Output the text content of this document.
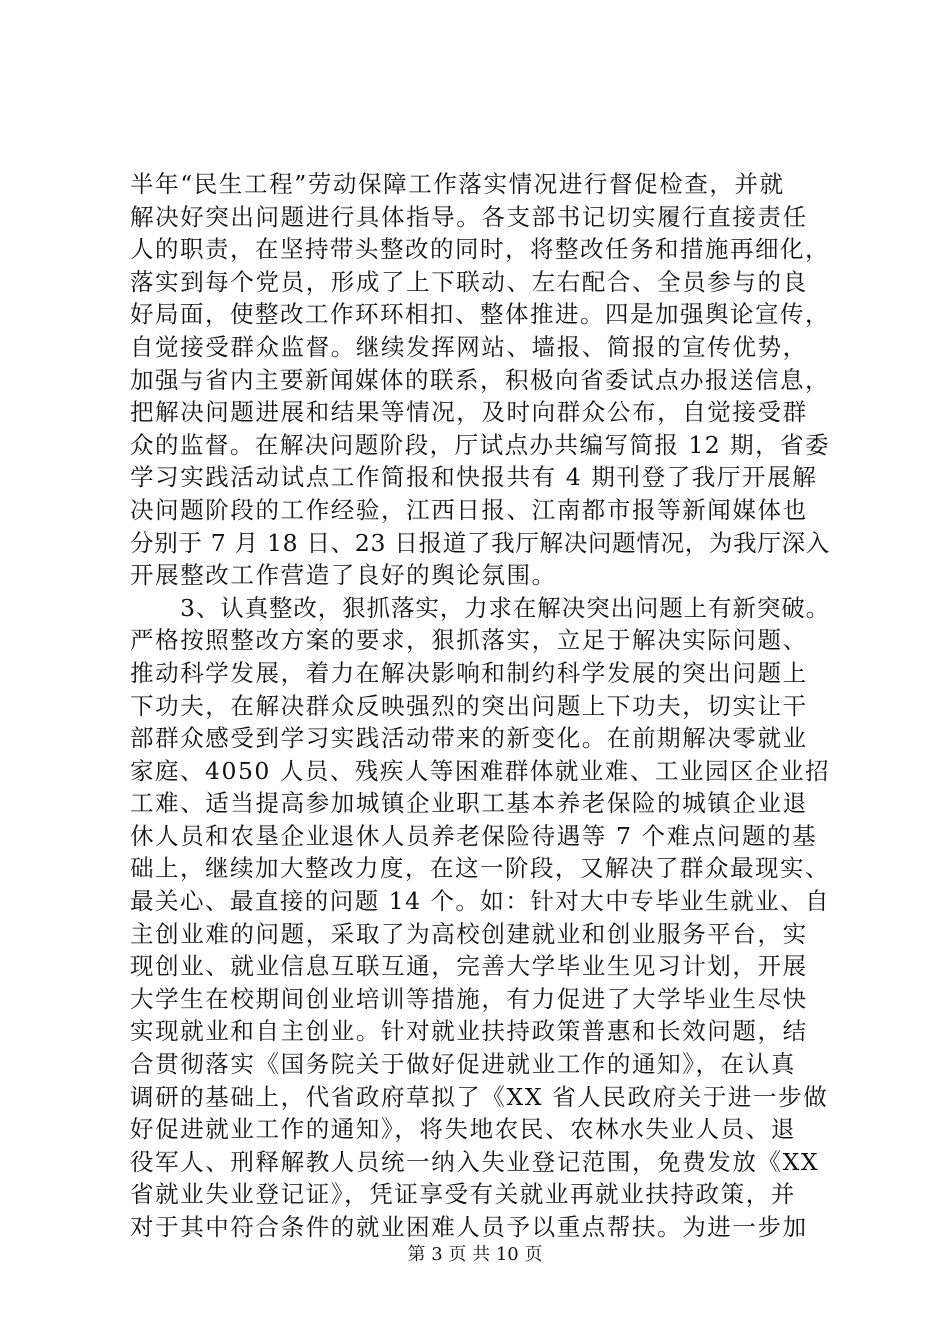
半年“民生工程”劳动保障工作落实情况进行督促检查，并就
解决好突出问题进行具体指导。各支部书记切实履行直接责任
人的职责，在坚持带头整改的同时，将整改任务和措施再细化，
落实到每个党员，形成了上下联动、左右配合、全员参与的良
好局面，使整改工作环环相扣、整体推进。四是加强舆论宣传，
自觉接受群众监督。继续发挥网站、墙报、简报的宣传优势，
加强与省内主要新闻媒体的联系，积极向省委试点办报送信息，
把解决问题进展和结果等情况，及时向群众公布，自觉接受群
众的监督。在解决问题阶段，厅试点办共编写简报 12 期，省委
学习实践活动试点工作简报和快报共有 4 期刊登了我厅开展解
决问题阶段的工作经验，江西日报、江南都市报等新闻媒体也
分别于 7 月 18 日、23 日报道了我厅解决问题情况，为我厅深入
开展整改工作营造了良好的舆论氛围。
3、认真整改，狠抓落实，力求在解决突出问题上有新突破。
严格按照整改方案的要求，狠抓落实，立足于解决实际问题、
推动科学发展，着力在解决影响和制约科学发展的突出问题上
下功夫，在解决群众反映强烈的突出问题上下功夫，切实让干
部群众感受到学习实践活动带来的新变化。在前期解决零就业
家庭、4050 人员、残疾人等困难群体就业难、工业园区企业招
工难、适当提高参加城镇企业职工基本养老保险的城镇企业退
休人员和农垦企业退休人员养老保险待遇等 7 个难点问题的基
础上，继续加大整改力度，在这一阶段，又解决了群众最现实、
最关心、最直接的问题 14 个。如：针对大中专毕业生就业、自
主创业难的问题，采取了为高校创建就业和创业服务平台，实
现创业、就业信息互联互通，完善大学毕业生见习计划，开展
大学生在校期间创业培训等措施，有力促进了大学毕业生尽快
实现就业和自主创业。针对就业扶持政策普惠和长效问题，结
合贯彻落实《国务院关于做好促进就业工作的通知》，在认真
调研的基础上，代省政府草拟了《XX 省人民政府关于进一步做
好促进就业工作的通知》，将失地农民、农林水失业人员、退
役军人、刑释解教人员统一纳入失业登记范围，免费发放《XX
省就业失业登记证》，凭证享受有关就业再就业扶持政策，并
对于其中符合条件的就业困难人员予以重点帮扶。为进一步加
第 3 页 共 10 页
